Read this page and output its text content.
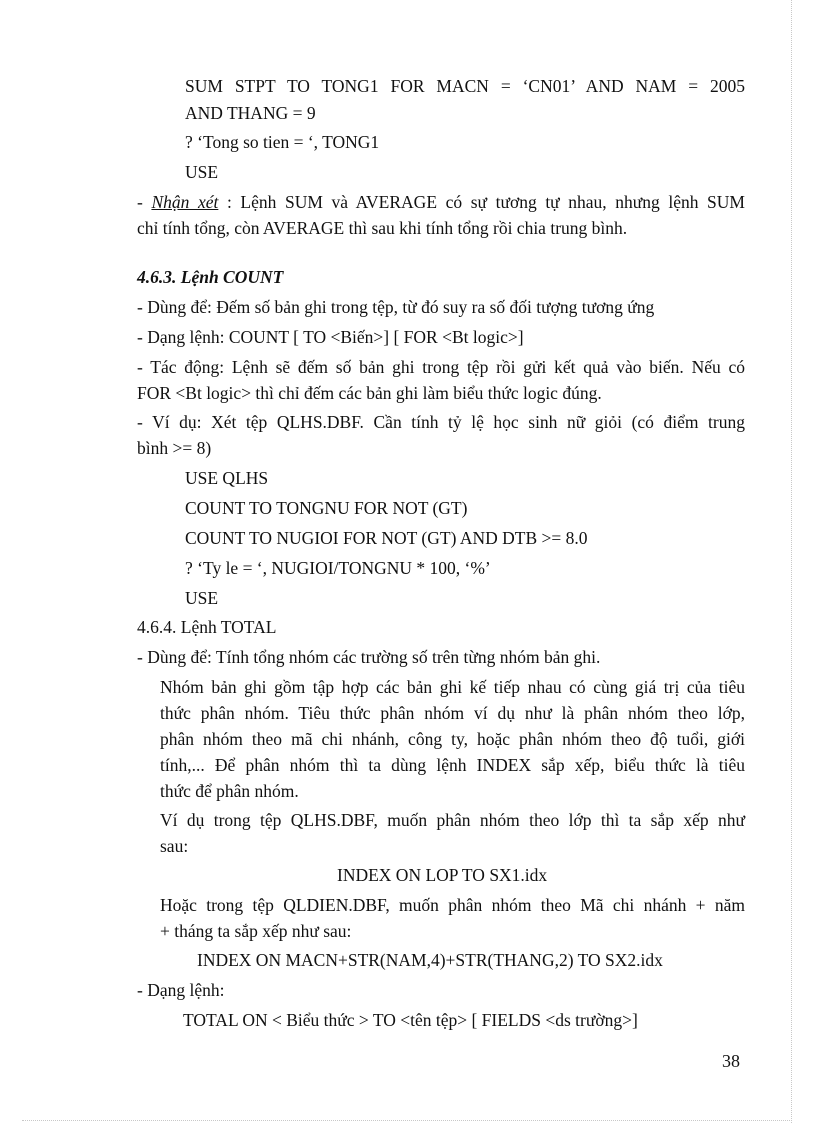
SUM STPT TO TONG1 FOR MACN = ‘CN01’ AND NAM = 2005
AND THANG = 9
? ‘Tong so tien = ‘, TONG1
USE
- Nhận xét : Lệnh SUM và AVERAGE có sự tương tự nhau, nhưng lệnh SUM
chỉ tính tổng, còn AVERAGE thì sau khi tính tổng rồi chia trung bình.
4.6.3. Lệnh COUNT
- Dùng để: Đếm số bản ghi trong tệp, từ đó suy ra số đối tượng tương ứng
- Dạng lệnh: COUNT [ TO <Biến>] [ FOR <Bt logic>]
- Tác động: Lệnh sẽ đếm số bản ghi trong tệp rồi gửi kết quả vào biến. Nếu có
FOR <Bt logic> thì chỉ đếm các bản ghi làm biểu thức logic đúng.
- Ví dụ: Xét tệp QLHS.DBF. Cần tính tỷ lệ học sinh nữ giỏi (có điểm trung
bình >= 8)
USE QLHS
COUNT TO TONGNU FOR NOT (GT)
COUNT TO NUGIOI FOR NOT (GT) AND DTB >= 8.0
? ‘Ty le = ‘, NUGIOI/TONGNU * 100, ‘%’
USE
4.6.4. Lệnh TOTAL
- Dùng để: Tính tổng nhóm các trường số trên từng nhóm bản ghi.
Nhóm bản ghi gồm tập hợp các bản ghi kế tiếp nhau có cùng giá trị của tiêu
thức phân nhóm. Tiêu thức phân nhóm ví dụ như là phân nhóm theo lớp,
phân nhóm theo mã chi nhánh, công ty, hoặc phân nhóm theo độ tuổi, giới
tính,... Để phân nhóm thì ta dùng lệnh INDEX sắp xếp, biểu thức là tiêu
thức để phân nhóm.
Ví dụ trong tệp QLHS.DBF, muốn phân nhóm theo lớp thì ta sắp xếp như
sau:
INDEX ON LOP TO SX1.idx
Hoặc trong tệp QLDIEN.DBF, muốn phân nhóm theo Mã chi nhánh + năm
+ tháng ta sắp xếp như sau:
INDEX ON MACN+STR(NAM,4)+STR(THANG,2) TO SX2.idx
- Dạng lệnh:
TOTAL ON < Biểu thức > TO <tên tệp> [ FIELDS <ds trường>]
38
